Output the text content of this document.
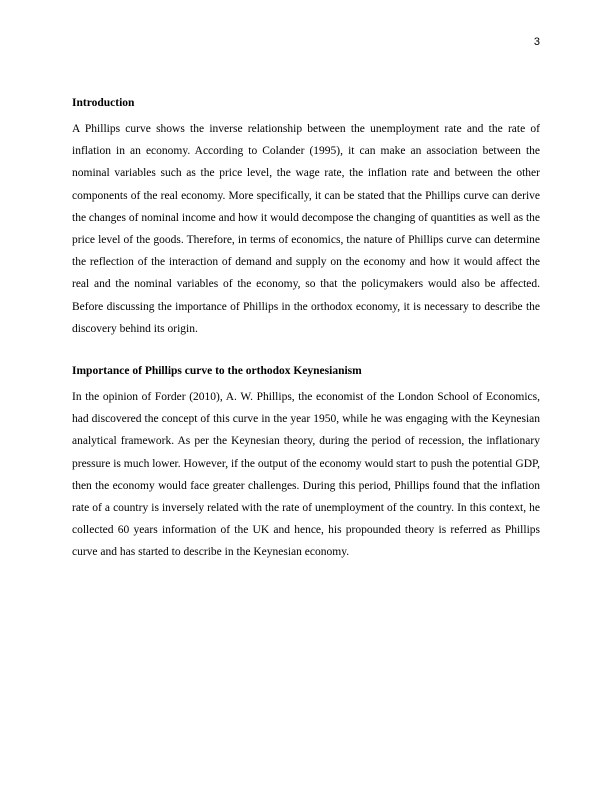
3

Introduction

A Phillips curve shows the inverse relationship between the unemployment rate and the rate of inflation in an economy. According to Colander (1995), it can make an association between the nominal variables such as the price level, the wage rate, the inflation rate and between the other components of the real economy. More specifically, it can be stated that the Phillips curve can derive the changes of nominal income and how it would decompose the changing of quantities as well as the price level of the goods. Therefore, in terms of economics, the nature of Phillips curve can determine the reflection of the interaction of demand and supply on the economy and how it would affect the real and the nominal variables of the economy, so that the policymakers would also be affected. Before discussing the importance of Phillips in the orthodox economy, it is necessary to describe the discovery behind its origin.

Importance of Phillips curve to the orthodox Keynesianism

In the opinion of Forder (2010), A. W. Phillips, the economist of the London School of Economics, had discovered the concept of this curve in the year 1950, while he was engaging with the Keynesian analytical framework. As per the Keynesian theory, during the period of recession, the inflationary pressure is much lower. However, if the output of the economy would start to push the potential GDP, then the economy would face greater challenges. During this period, Phillips found that the inflation rate of a country is inversely related with the rate of unemployment of the country. In this context, he collected 60 years information of the UK and hence, his propounded theory is referred as Phillips curve and has started to describe in the Keynesian economy.
